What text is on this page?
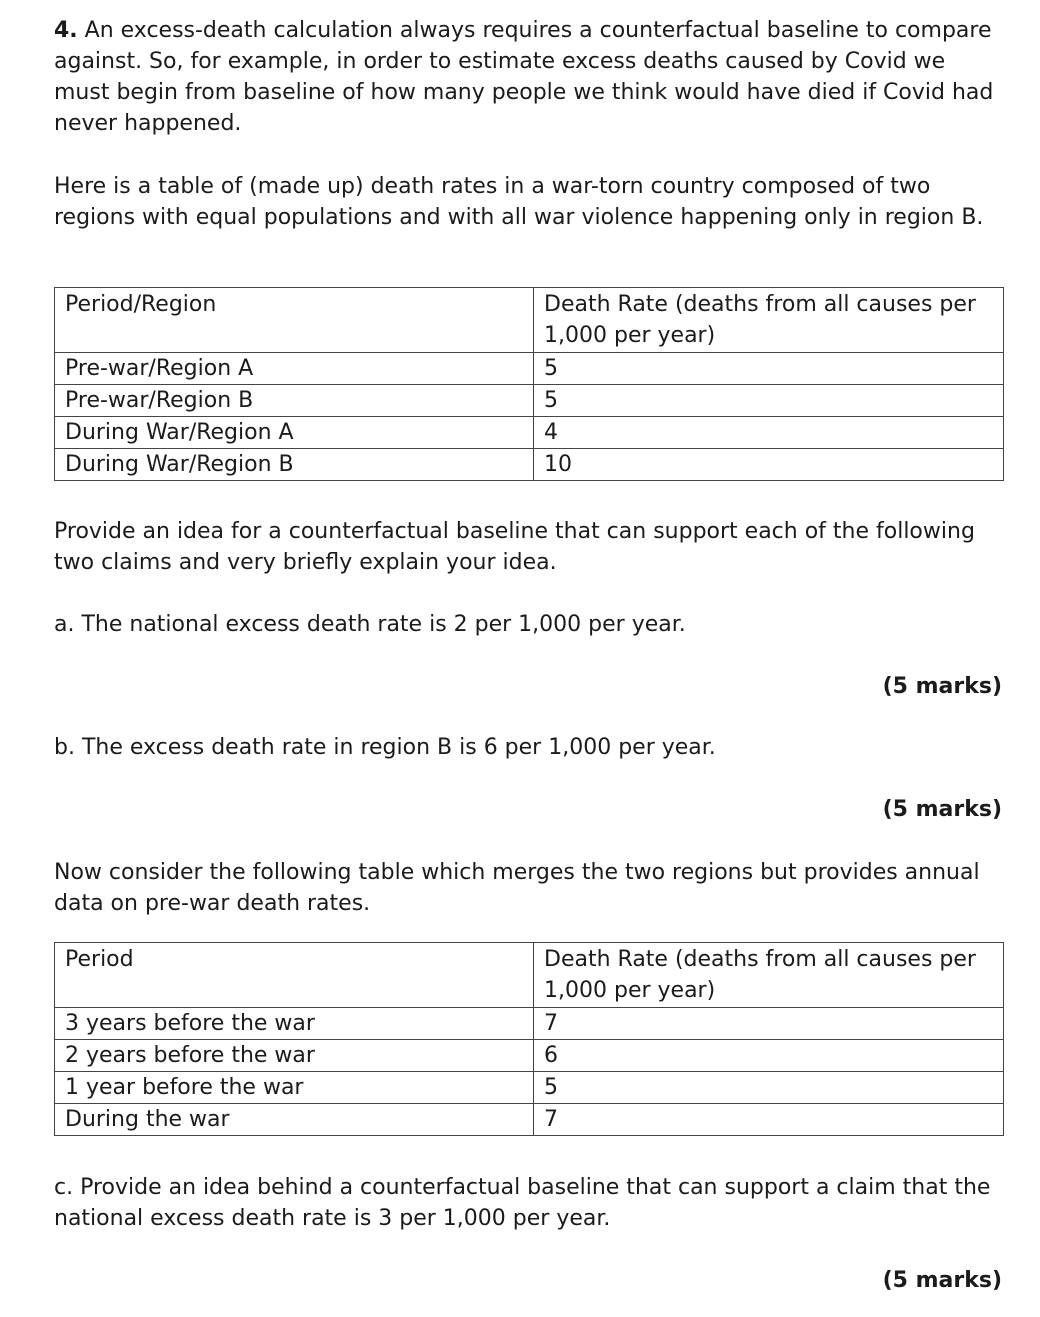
4. An excess-death calculation always requires a counterfactual baseline to compare against. So, for example, in order to estimate excess deaths caused by Covid we must begin from baseline of how many people we think would have died if Covid had never happened.

Here is a table of (made up) death rates in a war-torn country composed of two regions with equal populations and with all war violence happening only in region B.

Period/Region	Death Rate (deaths from all causes per 1,000 per year)
Pre-war/Region A	5
Pre-war/Region B	5
During War/Region A	4
During War/Region B	10

Provide an idea for a counterfactual baseline that can support each of the following two claims and very briefly explain your idea.

a. The national excess death rate is 2 per 1,000 per year.

(5 marks)

b. The excess death rate in region B is 6 per 1,000 per year.

(5 marks)

Now consider the following table which merges the two regions but provides annual data on pre-war death rates.

Period	Death Rate (deaths from all causes per 1,000 per year)
3 years before the war	7
2 years before the war	6
1 year before the war	5
During the war	7

c. Provide an idea behind a counterfactual baseline that can support a claim that the national excess death rate is 3 per 1,000 per year.

(5 marks)
